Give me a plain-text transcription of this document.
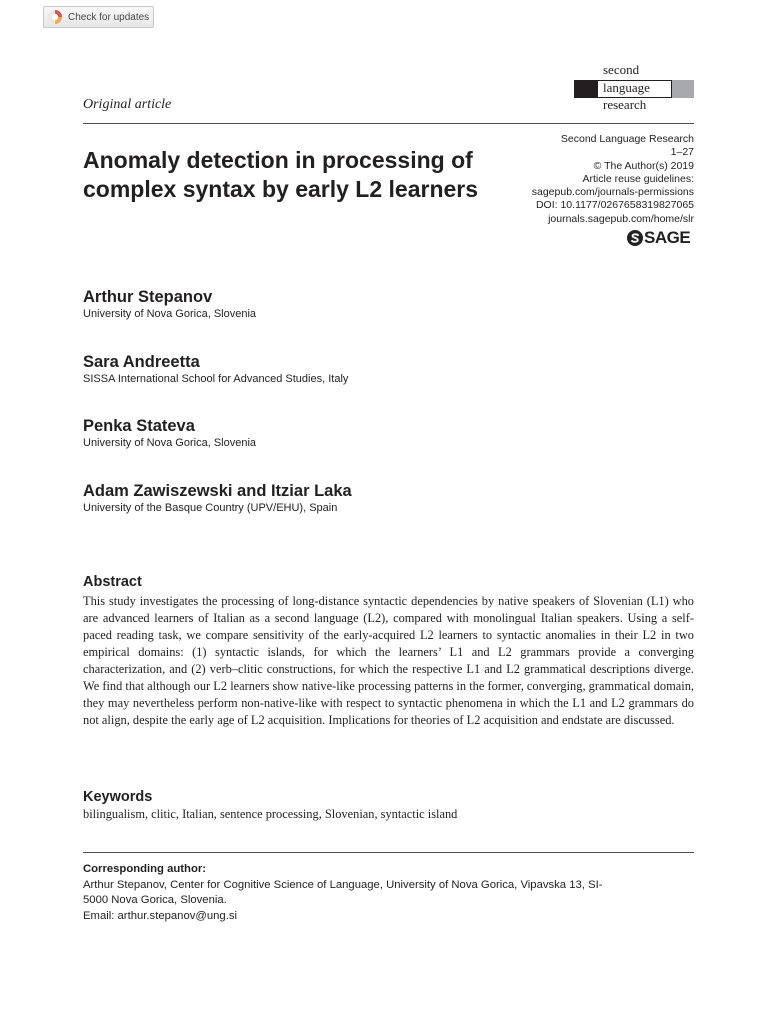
Check for updates
second
language
research
Original article
Anomaly detection in processing of complex syntax by early L2 learners
Second Language Research
1–27
© The Author(s) 2019
Article reuse guidelines:
sagepub.com/journals-permissions
DOI: 10.1177/0267658319827065
journals.sagepub.com/home/slr
SAGE
Arthur Stepanov
University of Nova Gorica, Slovenia
Sara Andreetta
SISSA International School for Advanced Studies, Italy
Penka Stateva
University of Nova Gorica, Slovenia
Adam Zawiszewski and Itziar Laka
University of the Basque Country (UPV/EHU), Spain
Abstract

This study investigates the processing of long-distance syntactic dependencies by native speakers of Slovenian (L1) who are advanced learners of Italian as a second language (L2), compared with monolingual Italian speakers. Using a self-paced reading task, we compare sensitivity of the early-acquired L2 learners to syntactic anomalies in their L2 in two empirical domains: (1) syntactic islands, for which the learners’ L1 and L2 grammars provide a converging characterization, and (2) verb–clitic constructions, for which the respective L1 and L2 grammatical descriptions diverge. We find that although our L2 learners show native-like processing patterns in the former, converging, grammatical domain, they may nevertheless perform non-native-like with respect to syntactic phenomena in which the L1 and L2 grammars do not align, despite the early age of L2 acquisition. Implications for theories of L2 acquisition and endstate are discussed.

Keywords
bilingualism, clitic, Italian, sentence processing, Slovenian, syntactic island
Corresponding author:
Arthur Stepanov, Center for Cognitive Science of Language, University of Nova Gorica, Vipavska 13, SI-
5000 Nova Gorica, Slovenia.
Email: arthur.stepanov@ung.si
